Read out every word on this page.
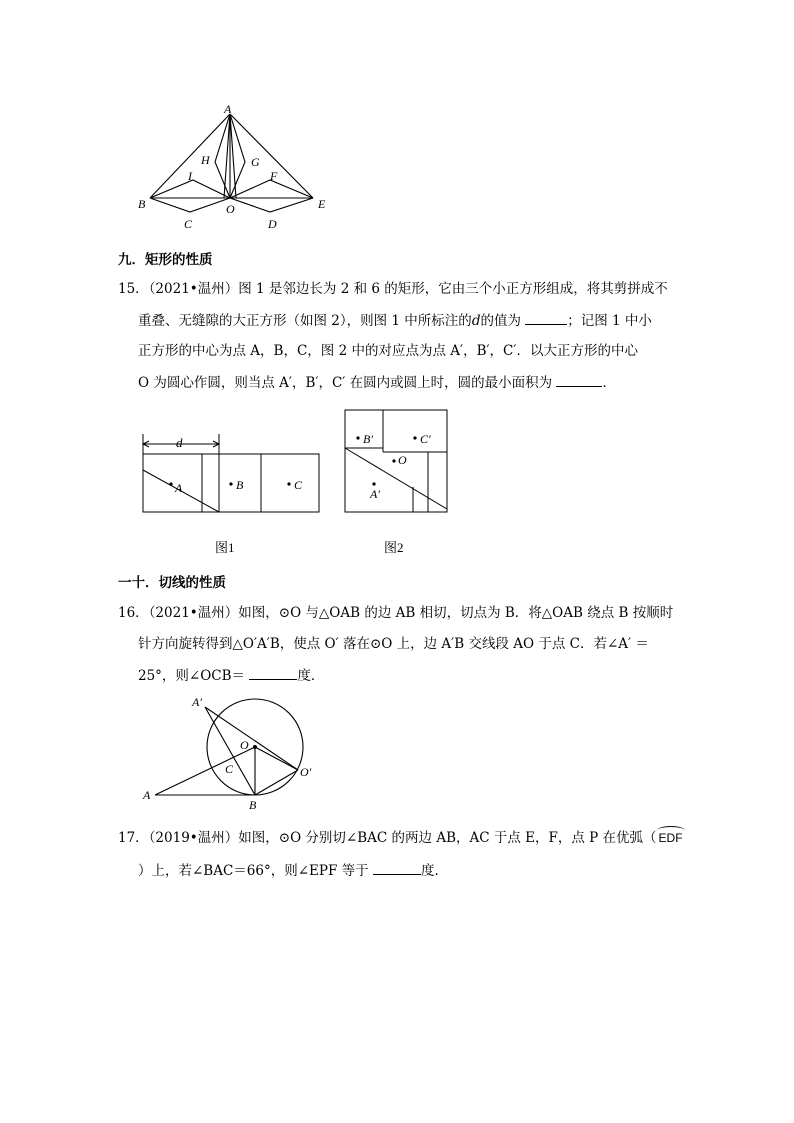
A
H	G
I	F
B	O	E
C	D
九．矩形的性质
15．（2021•温州）图 1 是邻边长为 2 和 6 的矩形，它由三个小正方形组成，将其剪拼成不
重叠、无缝隙的大正方形（如图 2），则图 1 中所标注的d的值为	；记图 1 中小
正方形的中心为点 A，B，C，图 2 中的对应点为点 A′，B′，C′．以大正方形的中心
O 为圆心作圆，则当点 A′，B′，C′ 在圆内或圆上时，圆的最小面积为	．
d
A	B	C
图1
B′	C′
O
A′
图2
一十．切线的性质
16．（2021•温州）如图，⊙O 与△OAB 的边 AB 相切，切点为 B．将△OAB 绕点 B 按顺时
针方向旋转得到△O′A′B，使点 O′ 落在⊙O 上，边 A′B 交线段 AO 于点 C．若∠A′ ＝
25°，则∠OCB＝	度．
A′
O
C	O′
A
B
17．（2019•温州）如图，⊙O 分别切∠BAC 的两边 AB，AC 于点 E，F，点 P 在优弧（ EDF
）上，若∠BAC＝66°，则∠EPF 等于	度．
